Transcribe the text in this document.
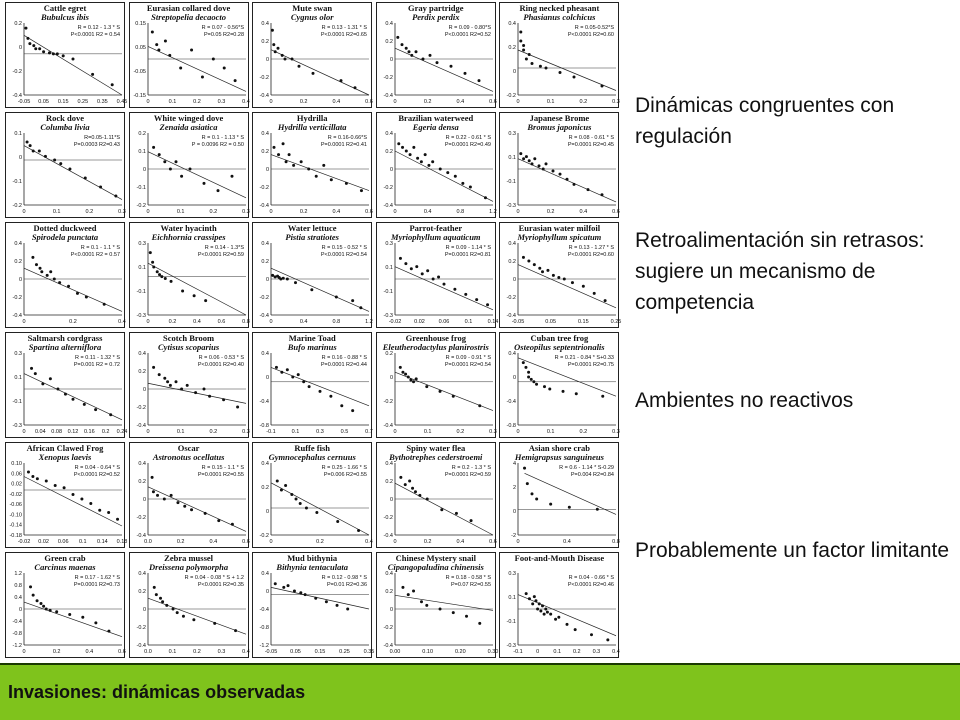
Cattle egret
Bubulcus ibis
-0.05 0.05 0.15 0.25 0.35 0.45
0.2
0
-0.2
-0.4
R = 0.12 - 1.3 * S
P<0.0001 R2 = 0.54
Eurasian collared dove
Streptopelia decaocto
0	0.1	0.2	0.3	0.4
0.15
0.05
-0.05
-0.15
R = 0.07 - 0.56*S
P=0.05 R2=0.28
Mute swan
Cygnus olor
0	0.2	0.4	0.6
0.4
0.2
0
-0.2
-0.4
R = 0.13 - 1.31 * S
P<0.0001 R2=0.65
Gray partridge
Perdix perdix
0	0.2	0.4	0.6
0.4
0.2
0
-0.2
-0.4
R = 0.09 - 0.80*S
P<0.0001 R2=0.52
Ring necked pheasant
Phasianus colchicus
0	0.1	0.2	0.3
0.4
0.2
0
-0.2
R = 0.05-0.52*S
P<0.0001 R2=0.60
Rock dove
Columba livia
0	0.1	0.2	0.3
0.1
0
-0.1
-0.2
R=0.05-1.11*S
P=0.0003 R2=0.43
White winged dove
Zenaida asiatica
0	0.1	0.2	0.3
0.2
0.1
0
-0.1
-0.2
R = 0.1 - 1.13 * S
P = 0.0096 R2 = 0.50
Hydrilla
Hydrilla verticillata
0	0.2	0.4	0.6
0.4
0.2
0
-0.2
-0.4
R = 0.16-0.66*S
P=0.0001 R2=0.41
Brazilian waterweed
Egeria densa
0	0.4	0.8	1.2
0.4
0.2
0
-0.2
-0.4
R = 0.22 - 0.61 * S
P=0.0001 R2=0.49
Japanese Brome
Bromus japonicus
0	0.2	0.4	0.6
0.3
0.1
-0.1
-0.3
R = 0.08 - 0.61 * S
P=0.0001 R2=0.45
Dotted duckweed
Spirodela punctata
0	0.2	0.4
0.4
0.2
0
-0.2
-0.4
R = 0.1 - 1.1 * S
P<0.0001 R2 = 0.57
Water hyacinth
Eichhornia crassipes
0	0.2	0.4	0.6	0.8
0.3
0.1
-0.1
-0.3
R = 0.14 - 1.3*S
P<0.0001 R2=0.59
Water lettuce
Pistia stratiotes
0	0.4	0.8	1.2
0.4
0.2
0
-0.2
-0.4
R = 0.15 - 0.52 * S
P<0.0001 R2=0.54
Parrot-feather
Myriophyllum aquaticum
-0.02 0.02	0.06	0.1	0.14
0.3
0.1
-0.1
-0.3
R = 0.09 - 1.14 * S
P=0.0001 R2=0.81
Eurasian water milfoil
Myriophyllum spicatum
-0.05	0.05	0.15	0.25
0.4
0.2
0
-0.2
-0.4
R = 0.13 - 1.27 * S
P<0.0001 R2=0.60
Saltmarsh cordgrass
Spartina alterniflora
0 0.04 0.08 0.12 0.16 0.2 0.24
0.3
0.1
-0.1
-0.3
R = 0.11 - 1.32 * S
P=0.001 R2 = 0.72
Scotch Broom
Cytisus scoparius
0	0.1	0.2	0.3
0.4
0.2
0
-0.2
-0.4
R = 0.06 - 0.53 * S
P<0.0001 R2=0.40
Marine Toad
Bufo marinus
-0.1	0.1	0.3	0.5	0.7
0.4
0
-0.4
-0.8
R = 0.16 - 0.88 * S
P=0.0001 R2=0.44
Greenhouse frog
Eleutherodactylus planirostris
0	0.1	0.2	0.3
0.2
0
-0.2
-0.4
R = 0.09 - 0.91 * S
P=0.0001 R2=0.54
Cuban tree frog
Osteopilus septentrionalis
0	0.1	0.2	0.3
0.4
0
-0.4
-0.8
R = 0.21 - 0.84 * S+0.33
P=0.0001 R2=0.75
African Clawed Frog
Xenopus laevis
-0.02 0.02 0.06 0.1 0.14 0.18
0.10
0.06
0.02
-0.02
-0.06
-0.10
-0.14
-0.18
R = 0.04 - 0.64 * S
P<0.0001 R2=0.52
Oscar
Astronotus ocellatus
0.0	0.2	0.4	0.6
0.4
0.2
0
-0.2
-0.4
R = 0.15 - 1.1 * S
P=0.0001 R2=0.55
Ruffe fish
Gymnocephalus cernuus
0	0.2	0.4
0.4
0.2
0
-0.2
R = 0.25 - 1.66 * S
P=0.006 R2=0.55
Spiny water flea
Bythotrephes cederstroemi
0	0.2	0.4	0.6
0.4
0.2
0
-0.2
-0.4
R = 0.2 - 1.3 * S
P=0.0001 R2=0.59
Asian shore crab
Hemigrapsus sanguineus
0	0.4	0.8
4
2
0
-2
R = 0.6 - 1.14 * S-0.29
P=0.004 R2=0.84
Green crab
Carcinus maenas
0	0.2	0.4	0.6
1.2
0.8
0.4
0
-0.4
-0.8
-1.2
R = 0.17 - 1.62 * S
P=0.0001 R2=0.73
Zebra mussel
Dreissena polymorpha
0.0	0.1	0.2	0.3	0.4
0.4
0.2
0
-0.2
-0.4
R = 0.04 - 0.08 * S + 1.2
P<0.0001 R2=0.35
Mud bithynia
Bithynia tentaculata
-0.05 0.05	0.15	0.25	0.35
0.4
0
-0.4
-0.8
-1.2
R = 0.12 - 0.98 * S
P=0.01 R2=0.36
Chinese Mystery snail
Cipangopaludina chinensis
0.00	0.10	0.20	0.30
0.4
0.2
0
-0.2
-0.4
R = 0.18 - 0.58 * S
P=0.07 R2=0.55
Foot-and-Mouth Disease
-0.1 0	0.1 0.2 0.3 0.4
0.3
0.1
-0.1
-0.3
R = 0.04 - 0.66 * S
P<0.0001 R2=0.46
Dinámicas congruentes con regulación
Retroalimentación sin retrasos: sugiere un mecanismo de competencia
Ambientes no reactivos
Probablemente un factor limitante
Invasiones: dinámicas observadas
